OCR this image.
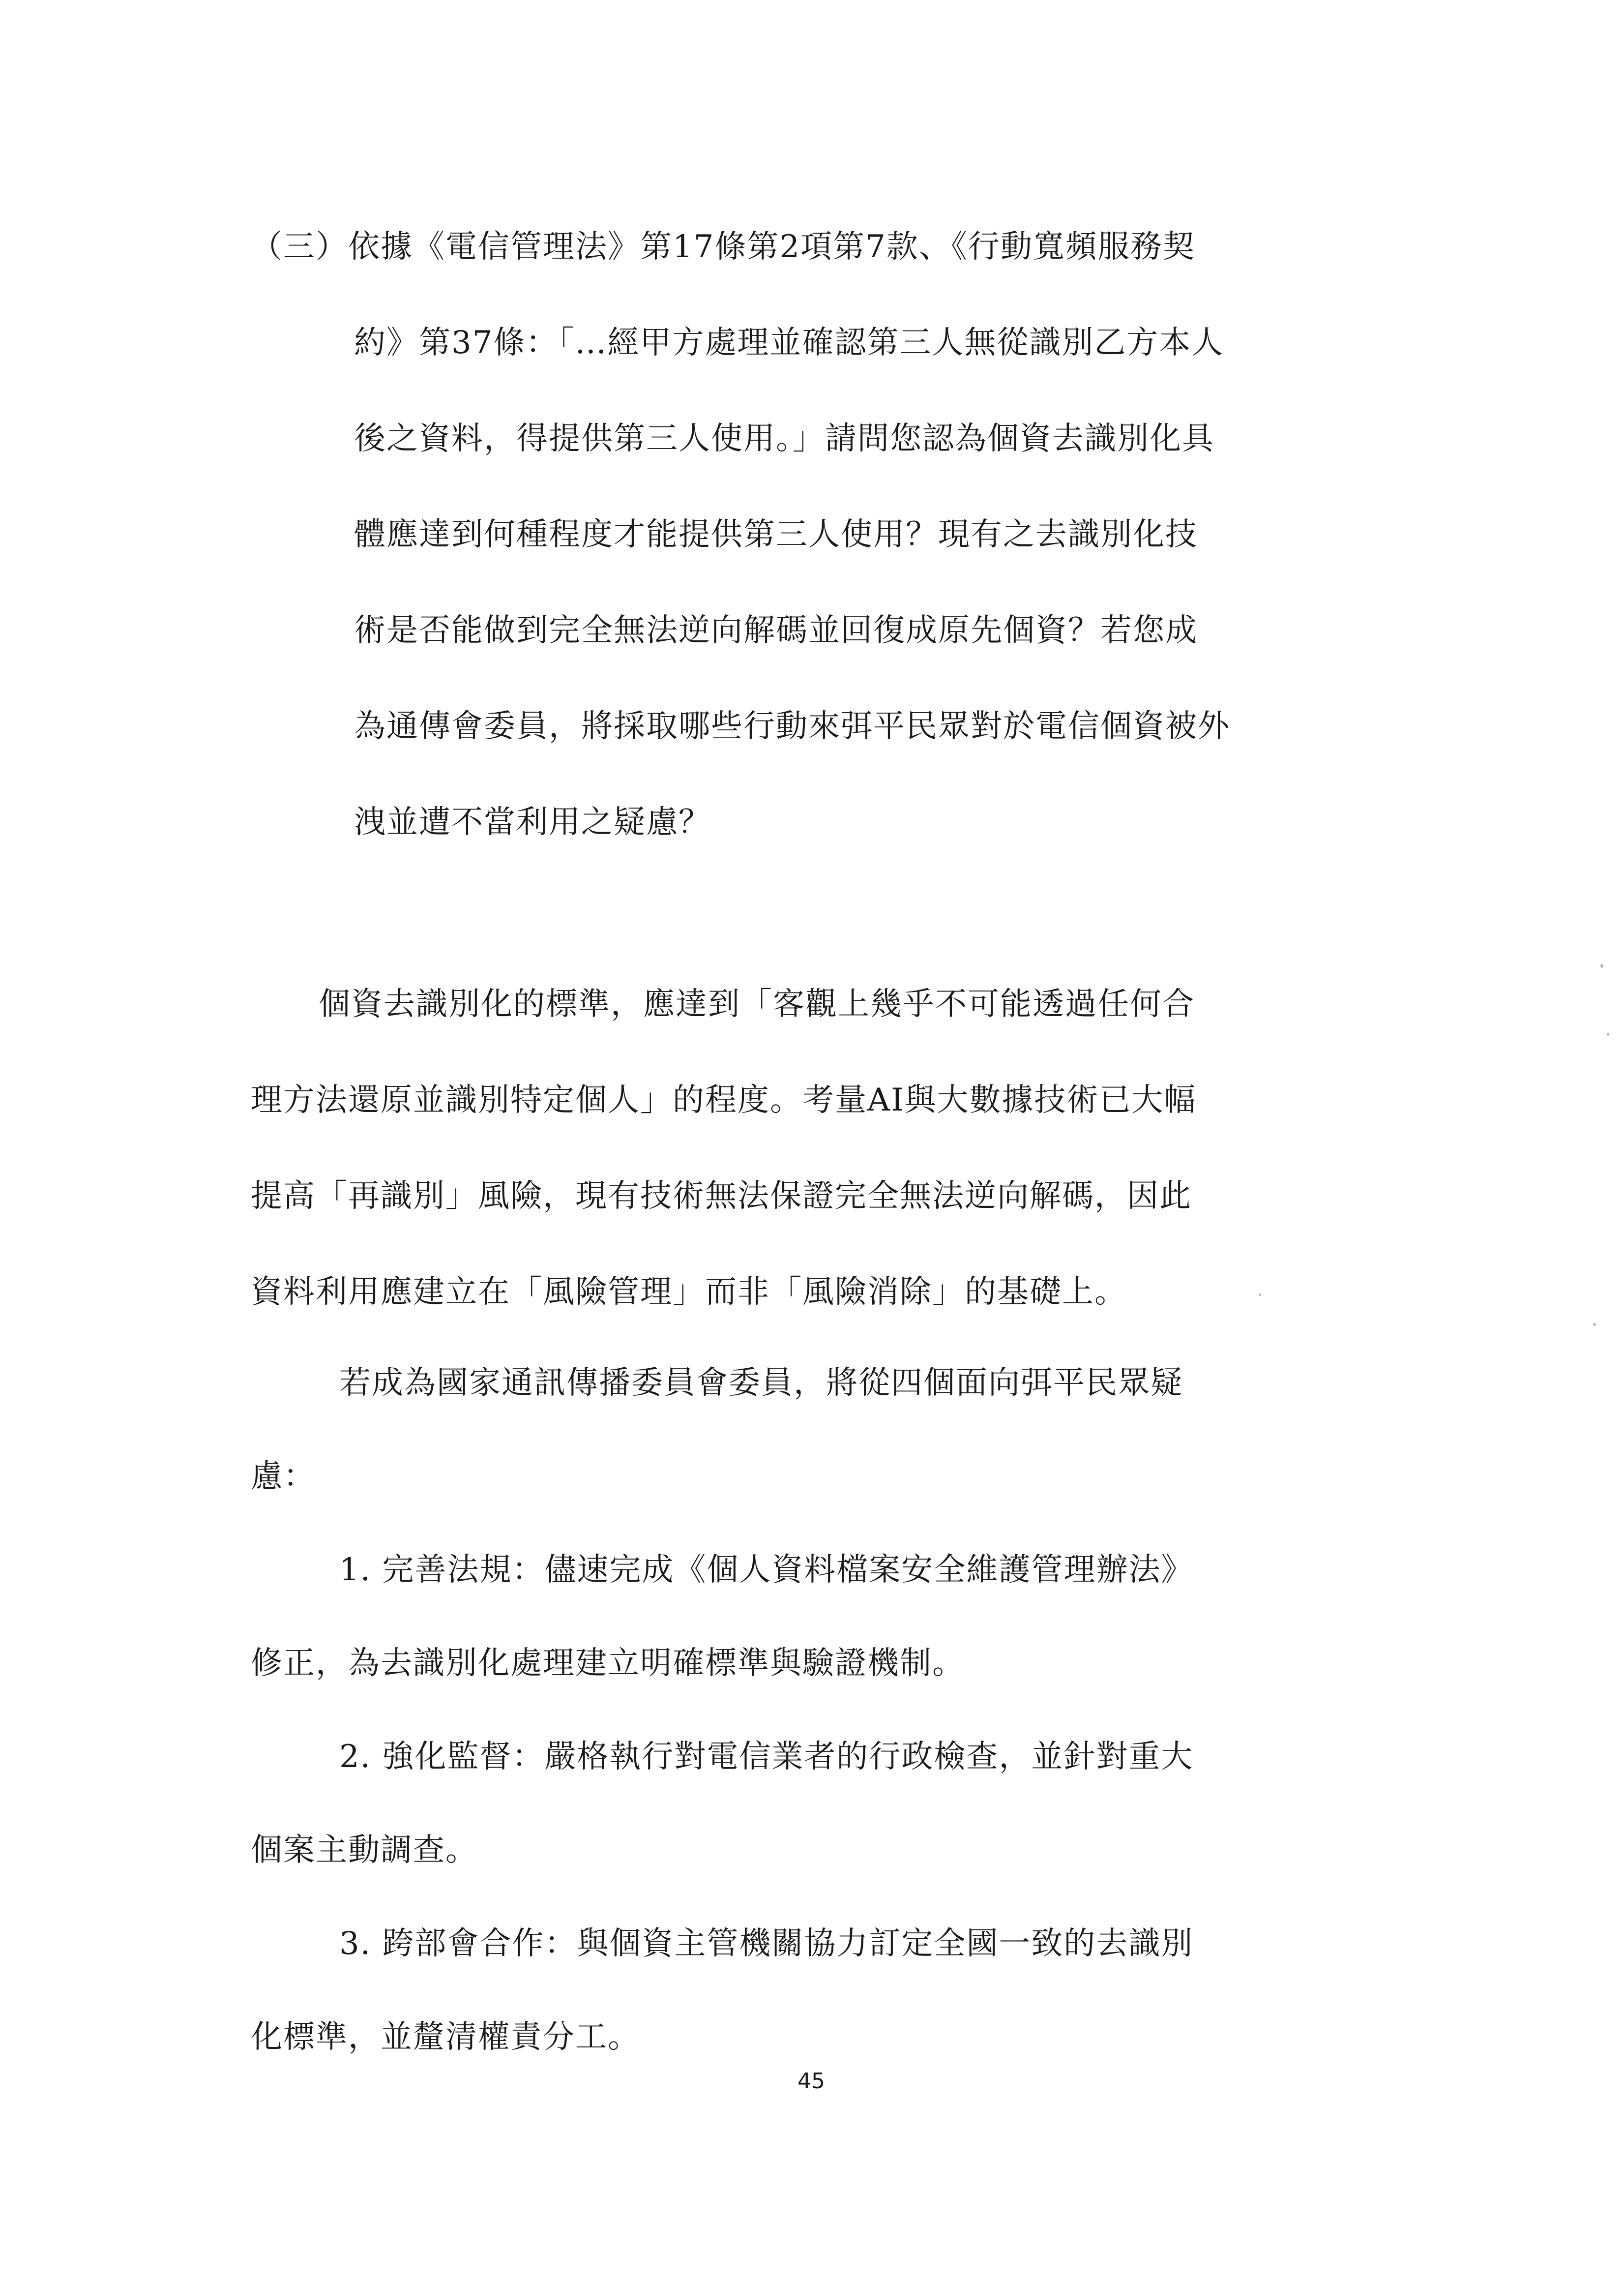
（三）依據《電信管理法》第17條第2項第7款、《行動寬頻服務契
約》第37條：「…經甲方處理並確認第三人無從識別乙方本人
後之資料，得提供第三人使用。」請問您認為個資去識別化具
體應達到何種程度才能提供第三人使用？現有之去識別化技
術是否能做到完全無法逆向解碼並回復成原先個資？若您成
為通傳會委員，將採取哪些行動來弭平民眾對於電信個資被外
洩並遭不當利用之疑慮？
個資去識別化的標準，應達到「客觀上幾乎不可能透過任何合
理方法還原並識別特定個人」的程度。考量AI與大數據技術已大幅
提高「再識別」風險，現有技術無法保證完全無法逆向解碼，因此
資料利用應建立在「風險管理」而非「風險消除」的基礎上。
若成為國家通訊傳播委員會委員，將從四個面向弭平民眾疑
慮：
1. 完善法規：儘速完成《個人資料檔案安全維護管理辦法》
修正，為去識別化處理建立明確標準與驗證機制。
2. 強化監督：嚴格執行對電信業者的行政檢查，並針對重大
個案主動調查。
3. 跨部會合作：與個資主管機關協力訂定全國一致的去識別
化標準，並釐清權責分工。
45
